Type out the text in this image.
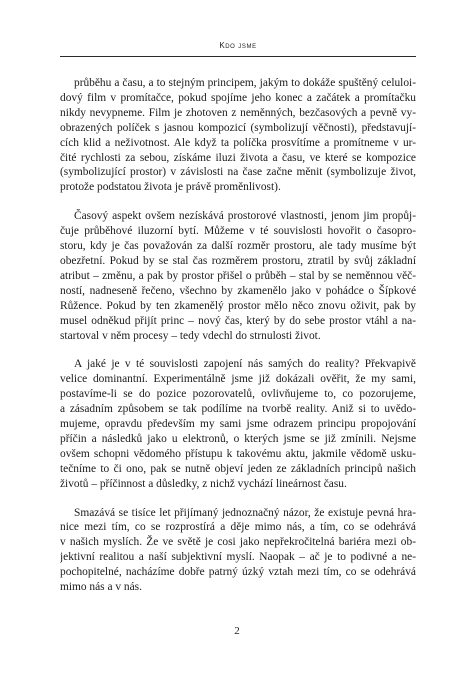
Kdo jsme

průběhu a času, a to stejným principem, jakým to dokáže spuštěný celuloi-
dový film v promítačce, pokud spojíme jeho konec a začátek a promítačku
nikdy nevypneme. Film je zhotoven z neměnných, bezčasových a pevně vy-
obrazených políček s jasnou kompozicí (symbolizují věčnosti), představují-
cích klid a neživotnost. Ale když ta políčka prosvítíme a promítneme v ur-
čité rychlosti za sebou, získáme iluzi života a času, ve které se kompozice
(symbolizující prostor) v závislosti na čase začne měnit (symbolizuje život,
protože podstatou života je právě proměnlivost).

Časový aspekt ovšem nezískává prostorové vlastnosti, jenom jim propůj-
čuje průběhové iluzorní bytí. Můžeme v té souvislosti hovořit o časopro-
storu, kdy je čas považován za další rozměr prostoru, ale tady musíme být
obezřetní. Pokud by se stal čas rozměrem prostoru, ztratil by svůj základní
atribut – změnu, a pak by prostor přišel o průběh – stal by se neměnnou věč-
ností, nadneseně řečeno, všechno by zkamenělo jako v pohádce o Šípkové
Růžence. Pokud by ten zkamenělý prostor mělo něco znovu oživit, pak by
musel odněkud přijít princ – nový čas, který by do sebe prostor vtáhl a na-
startoval v něm procesy – tedy vdechl do strnulosti život.

A jaké je v té souvislosti zapojení nás samých do reality? Překvapivě
velice dominantní. Experimentálně jsme již dokázali ověřit, že my sami,
postavíme-li se do pozice pozorovatelů, ovlivňujeme to, co pozorujeme,
a zásadním způsobem se tak podílíme na tvorbě reality. Aniž si to uvědo-
mujeme, opravdu především my sami jsme odrazem principu propojování
příčin a následků jako u elektronů, o kterých jsme se již zmínili. Nejsme
ovšem schopni vědomého přístupu k takovému aktu, jakmile vědomě usku-
tečníme to či ono, pak se nutně objeví jeden ze základních principů našich
životů – příčinnost a důsledky, z nichž vychází lineárnost času.

Smazává se tisíce let přijímaný jednoznačný názor, že existuje pevná hra-
nice mezi tím, co se rozprostírá a děje mimo nás, a tím, co se odehrává
v našich myslích. Že ve světě je cosi jako nepřekročitelná bariéra mezi ob-
jektivní realitou a naší subjektivní myslí. Naopak – ač je to podivné a ne-
pochopitelné, nacházíme dobře patrný úzký vztah mezi tím, co se odehrává
mimo nás a v nás.

2
